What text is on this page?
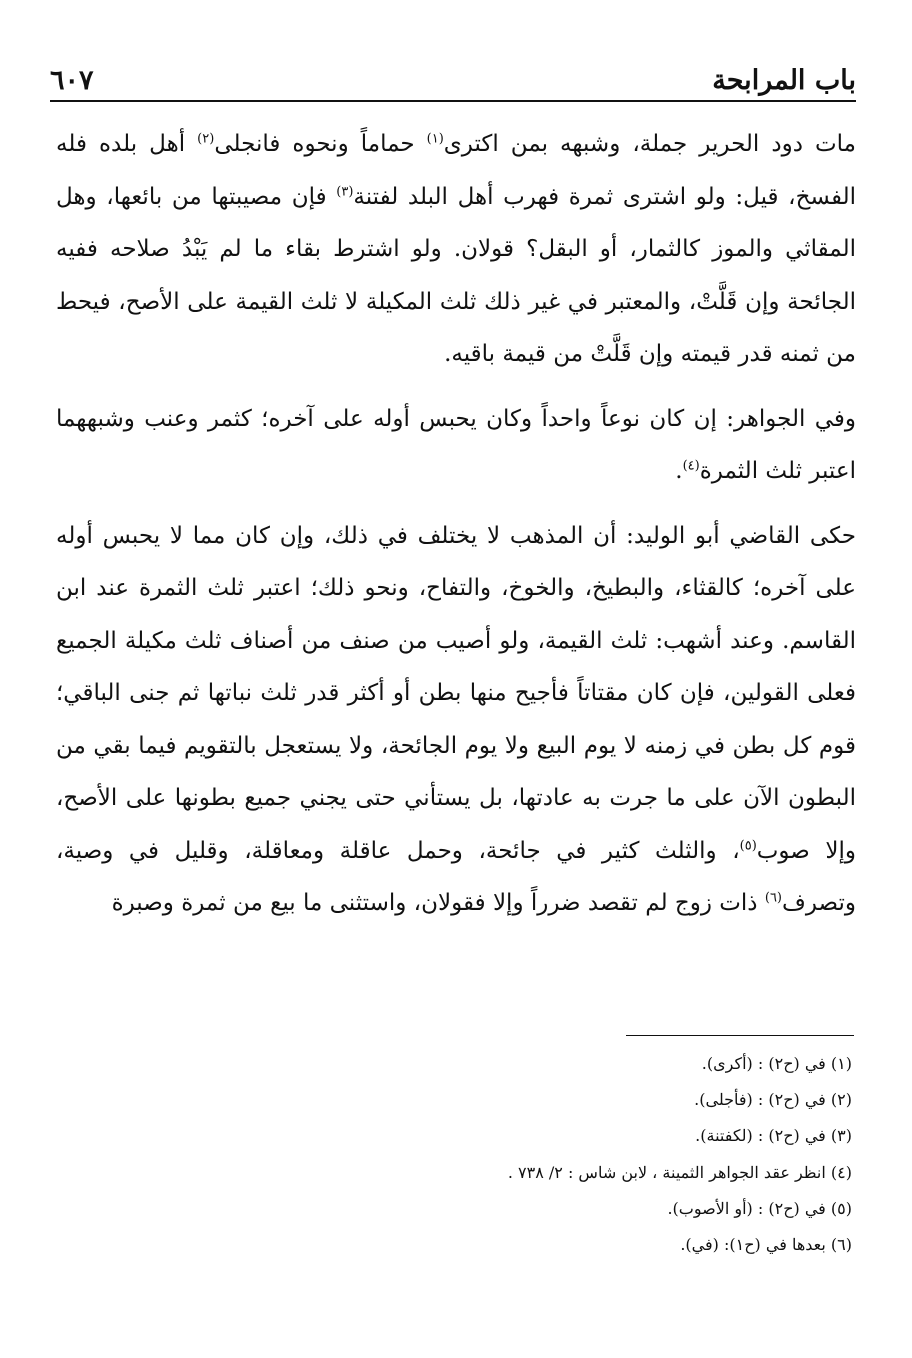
باب المرابحة
٦٠٧

مات دود الحرير جملة، وشبهه بمن اكترى$^{(١)}$ حماماً ونحوه فانجلى$^{(٢)}$ أهل بلده فله الفسخ، قيل: ولو اشترى ثمرة فهرب أهل البلد لفتنة$^{(٣)}$ فإن مصيبتها من بائعها، وهل المقاثي والموز كالثمار، أو البقل؟ قولان. ولو اشترط بقاء ما لم يَبْدُ صلاحه ففيه الجائحة وإن قَلَّتْ، والمعتبر في غير ذلك ثلث المكيلة لا ثلث القيمة على الأصح، فيحط من ثمنه قدر قيمته وإن قَلَّتْ من قيمة باقيه.

وفي الجواهر: إن كان نوعاً واحداً وكان يحبس أوله على آخره؛ كثمر وعنب وشبههما اعتبر ثلث الثمرة$^{(٤)}$.

حكى القاضي أبو الوليد: أن المذهب لا يختلف في ذلك، وإن كان مما لا يحبس أوله على آخره؛ كالقثاء، والبطيخ، والخوخ، والتفاح، ونحو ذلك؛ اعتبر ثلث الثمرة عند ابن القاسم. وعند أشهب: ثلث القيمة، ولو أصيب من صنف من أصناف ثلث مكيلة الجميع فعلى القولين، فإن كان مقتاتاً فأجيح منها بطن أو أكثر قدر ثلث نباتها ثم جنى الباقي؛ قوم كل بطن في زمنه لا يوم البيع ولا يوم الجائحة، ولا يستعجل بالتقويم فيما بقي من البطون الآن على ما جرت به عادتها، بل يستأني حتى يجني جميع بطونها على الأصح، وإلا صوب$^{(٥)}$، والثلث كثير في جائحة، وحمل عاقلة ومعاقلة، وقليل في وصية، وتصرف$^{(٦)}$ ذات زوج لم تقصد ضرراً وإلا فقولان، واستثنى ما بيع من ثمرة وصبرة

(١) في (ح٢) : (أكرى).
(٢) في (ح٢) : (فأجلى).
(٣) في (ح٢) : (لكفتنة).
(٤) انظر عقد الجواهر الثمينة ، لابن شاس : ٢/ ٧٣٨ .
(٥) في (ح٢) : (أو الأصوب).
(٦) بعدها في (ح١): (في).
